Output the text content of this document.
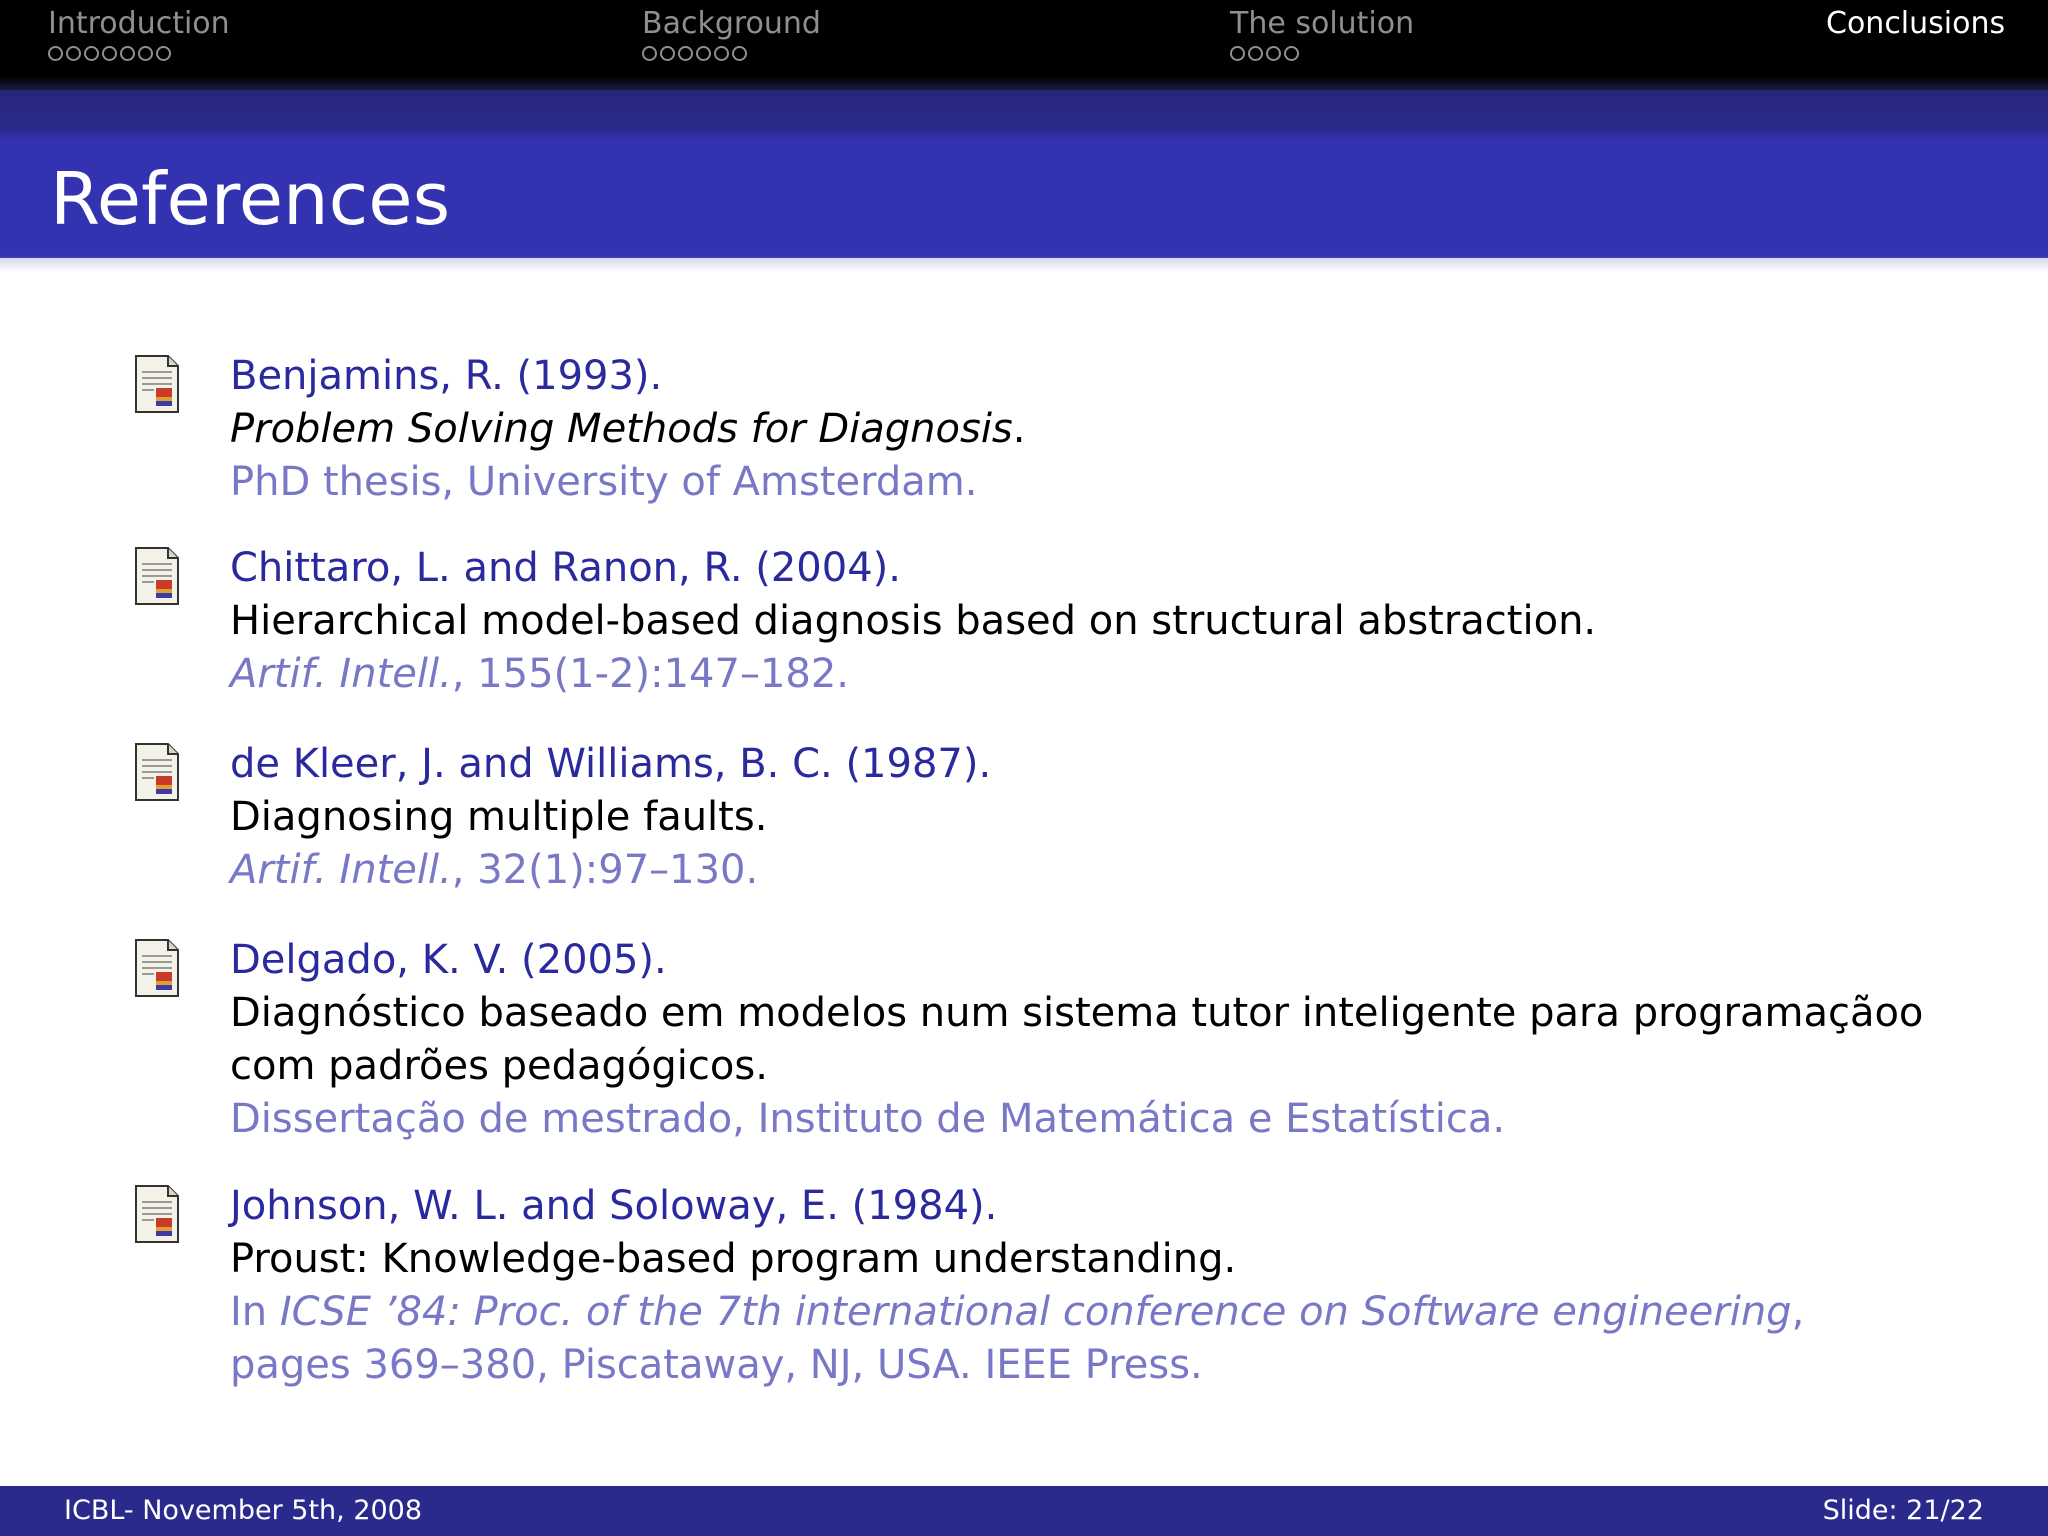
Introduction	Background	The solution	Conclusions
References
Benjamins, R. (1993).
Problem Solving Methods for Diagnosis.
PhD thesis, University of Amsterdam.
Chittaro, L. and Ranon, R. (2004).
Hierarchical model-based diagnosis based on structural abstraction.
Artif. Intell., 155(1-2):147–182.
de Kleer, J. and Williams, B. C. (1987).
Diagnosing multiple faults.
Artif. Intell., 32(1):97–130.
Delgado, K. V. (2005).
Diagnóstico baseado em modelos num sistema tutor inteligente para programaçãoo
com padrões pedagógicos.
Dissertação de mestrado, Instituto de Matemática e Estatística.
Johnson, W. L. and Soloway, E. (1984).
Proust: Knowledge-based program understanding.
In ICSE ’84: Proc. of the 7th international conference on Software engineering,
pages 369–380, Piscataway, NJ, USA. IEEE Press.
ICBL- November 5th, 2008	Slide: 21/22
